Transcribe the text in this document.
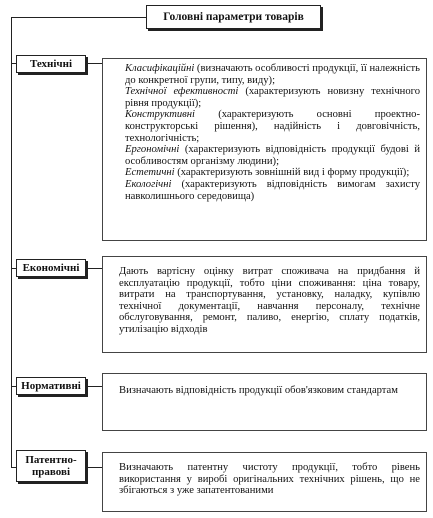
Головні параметри товарів
Технічні	Класифікаційні (визначають особливості продукції, її належність до конкретної групи, типу, виду);
Технічної ефективності (характеризують новизну технічного рівня продукції);
Конструктивні (характеризують основні проектно-конструкторські рішення), надійність і довговічність, технологічність;
Ергономічні (характеризують відповідність продукції будові й особливостям організму людини);
Естетичні (характеризують зовнішній вид і форму продукції);
Екологічні (характеризують відповідність вимогам захисту навколишнього середовища)
Економічні	Дають вартісну оцінку витрат споживача на придбання й експлуатацію продукції, тобто ціни споживання: ціна товару, витрати на транспортування, установку, наладку, купівлю технічної документації, навчання персоналу, технічне обслуговування, ремонт, паливо, енергію, сплату податків, утилізацію відходів
Нормативні	Визначають відповідність продукції обов'язковим стандартам
Патентно-правові	Визначають патентну чистоту продукції, тобто рівень використання у виробі оригінальних технічних рішень, що не збігаються з уже запатентованими
